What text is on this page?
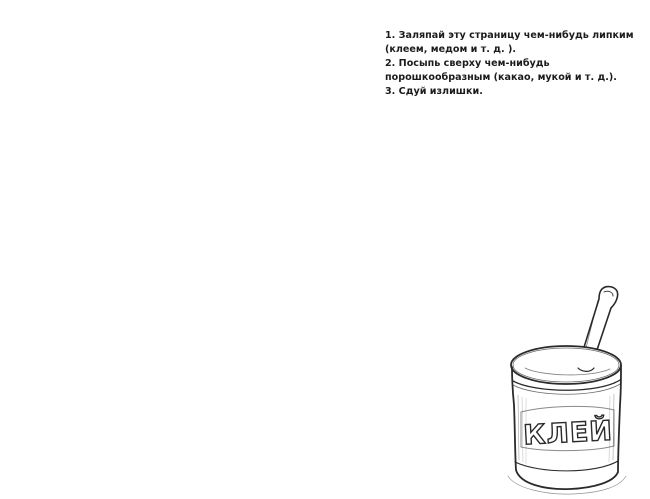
1. Заляпай эту страницу чем-нибудь липким
(клеем, медом и т. д. ).
2. Посыпь сверху чем-нибудь
порошкообразным (какао, мукой и т. д.).
3. Сдуй излишки.
КЛЕЙ
